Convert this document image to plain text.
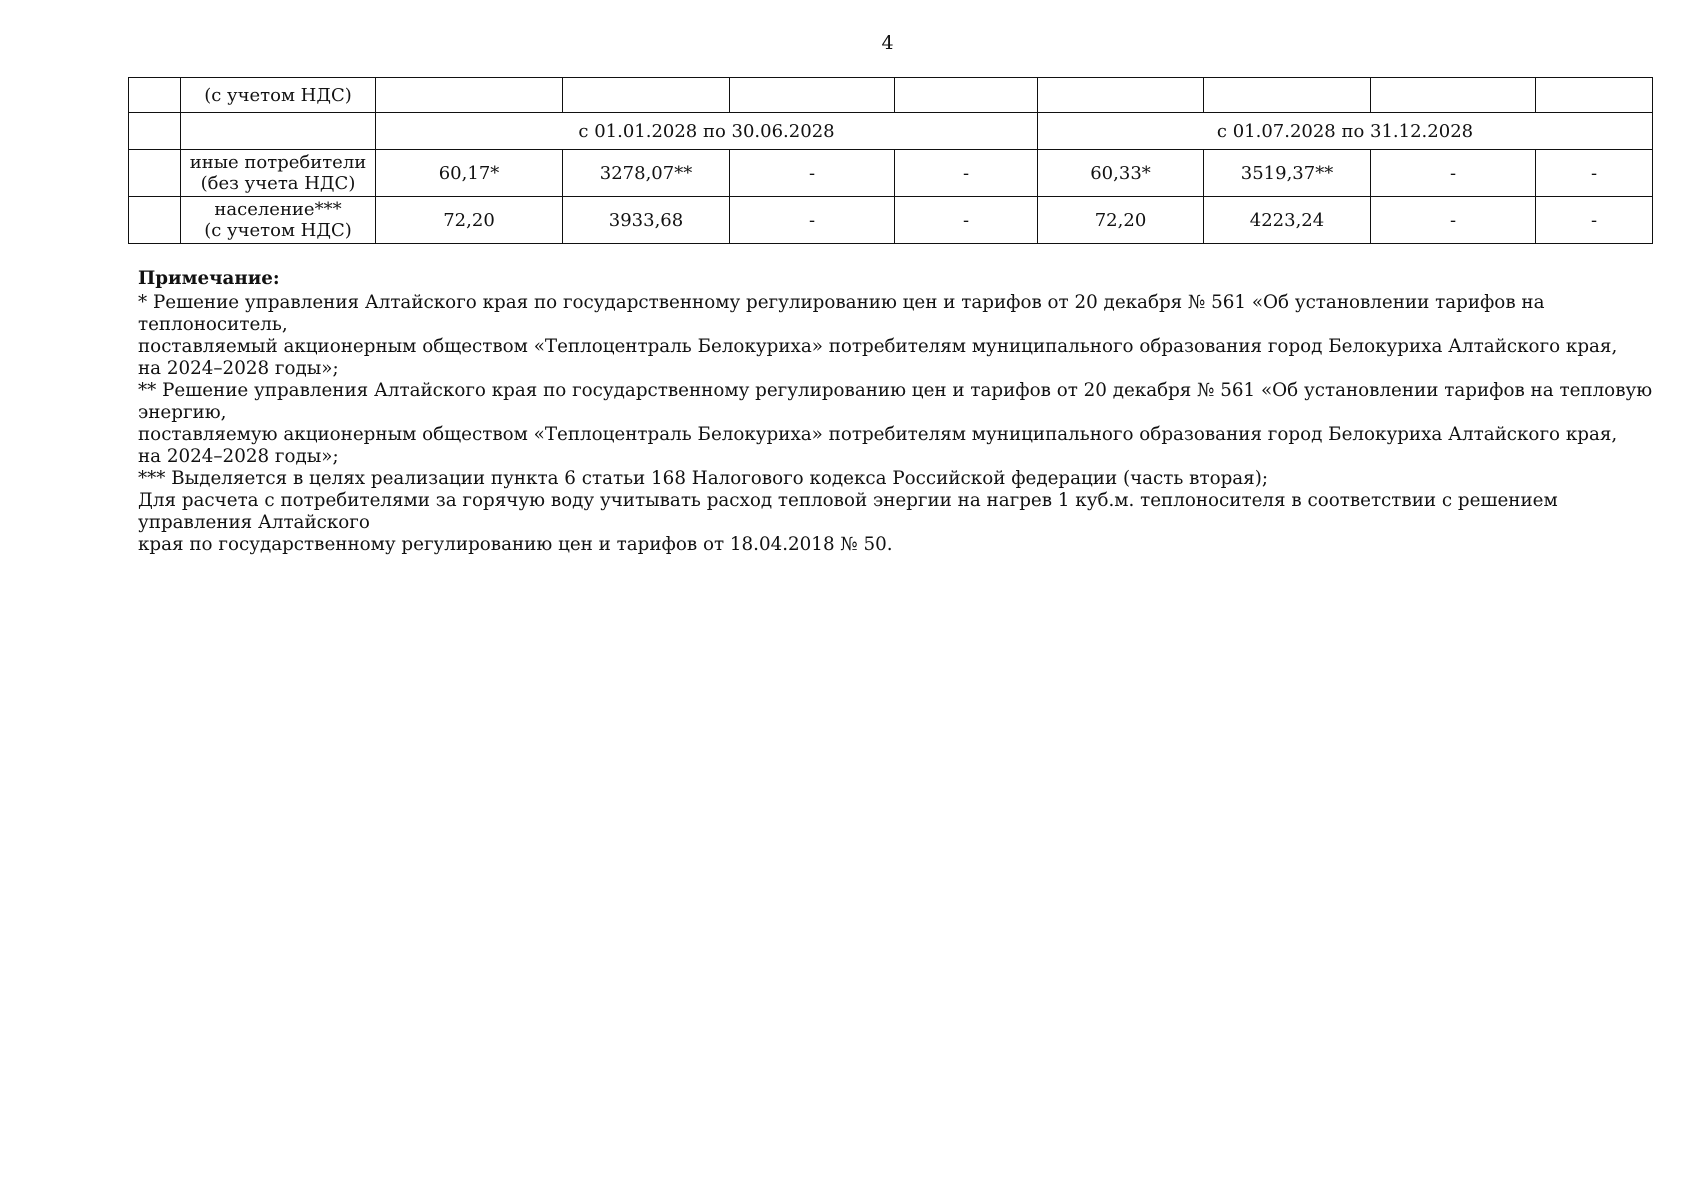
4
	(с учетом НДС)								
		с 01.01.2028 по 30.06.2028				с 01.07.2028 по 31.12.2028			
	иные потребители
(без учета НДС)	60,17*	3278,07**	-	-	60,33*	3519,37**	-	-
	население***
(с учетом НДС)	72,20	3933,68	-	-	72,20	4223,24	-	-
Примечание:

* Решение управления Алтайского края по государственному регулированию цен и тарифов от 20 декабря № 561 «Об установлении тарифов на теплоноситель,

поставляемый акционерным обществом «Теплоцентраль Белокуриха» потребителям муниципального образования город Белокуриха Алтайского края,

на 2024–2028 годы»;

** Решение управления Алтайского края по государственному регулированию цен и тарифов от 20 декабря № 561 «Об установлении тарифов на тепловую энергию,

поставляемую акционерным обществом «Теплоцентраль Белокуриха» потребителям муниципального образования город Белокуриха Алтайского края,

на 2024–2028 годы»;

*** Выделяется в целях реализации пункта 6 статьи 168 Налогового кодекса Российской федерации (часть вторая);

Для расчета с потребителями за горячую воду учитывать расход тепловой энергии на нагрев 1 куб.м. теплоносителя в соответствии с решением управления Алтайского

края по государственному регулированию цен и тарифов от 18.04.2018 № 50.
